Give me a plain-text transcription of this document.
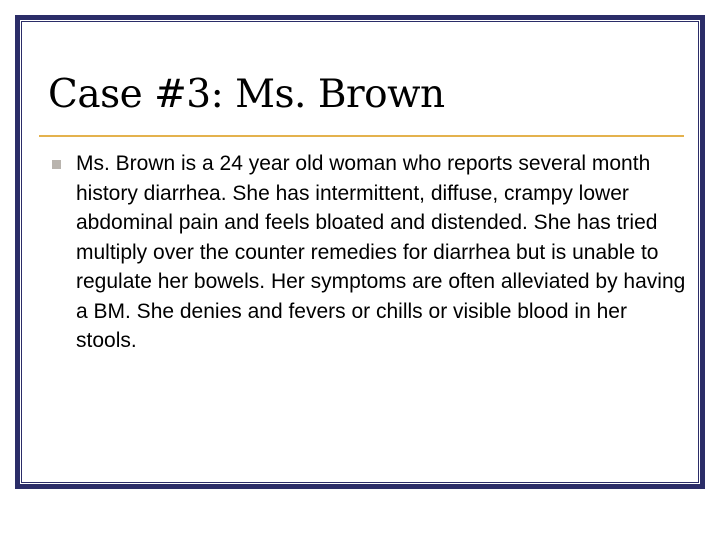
Case #3: Ms. Brown

Ms. Brown is a 24 year old woman who reports several month history diarrhea. She has intermittent, diffuse, crampy lower abdominal pain and feels bloated and distended. She has tried multiply over the counter remedies for diarrhea but is unable to regulate her bowels. Her symptoms are often alleviated by having a BM. She denies and fevers or chills or visible blood in her stools.
